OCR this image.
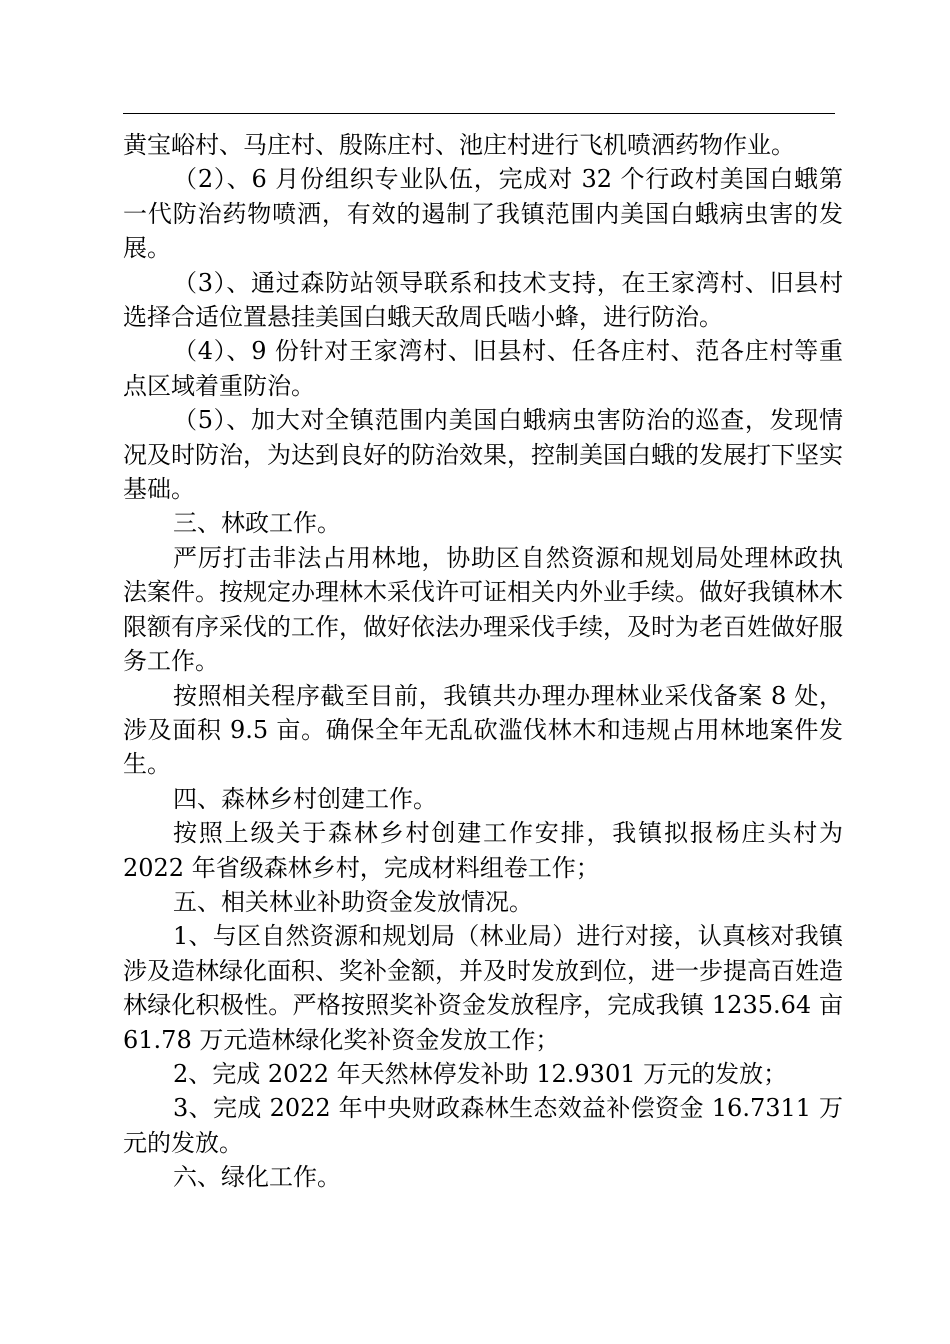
黄宝峪村、马庄村、殷陈庄村、池庄村进行飞机喷洒药物作业。

（2）、6 月份组织专业队伍，完成对 32 个行政村美国白蛾第一代防治药物喷洒，有效的遏制了我镇范围内美国白蛾病虫害的发展。

（3）、通过森防站领导联系和技术支持，在王家湾村、旧县村选择合适位置悬挂美国白蛾天敌周氏啮小蜂，进行防治。

（4）、9 份针对王家湾村、旧县村、任各庄村、范各庄村等重点区域着重防治。

（5）、加大对全镇范围内美国白蛾病虫害防治的巡查，发现情况及时防治，为达到良好的防治效果，控制美国白蛾的发展打下坚实基础。

三、林政工作。

严厉打击非法占用林地，协助区自然资源和规划局处理林政执法案件。按规定办理林木采伐许可证相关内外业手续。做好我镇林木限额有序采伐的工作，做好依法办理采伐手续，及时为老百姓做好服务工作。

按照相关程序截至目前，我镇共办理办理林业采伐备案 8 处，涉及面积 9.5 亩。确保全年无乱砍滥伐林木和违规占用林地案件发生。

四、森林乡村创建工作。

按照上级关于森林乡村创建工作安排，我镇拟报杨庄头村为 2022 年省级森林乡村，完成材料组卷工作；

五、相关林业补助资金发放情况。

1、与区自然资源和规划局（林业局）进行对接，认真核对我镇涉及造林绿化面积、奖补金额，并及时发放到位，进一步提高百姓造林绿化积极性。严格按照奖补资金发放程序，完成我镇 1235.64 亩 61.78 万元造林绿化奖补资金发放工作；

2、完成 2022 年天然林停发补助 12.9301 万元的发放；

3、完成 2022 年中央财政森林生态效益补偿资金 16.7311 万元的发放。

六、绿化工作。
